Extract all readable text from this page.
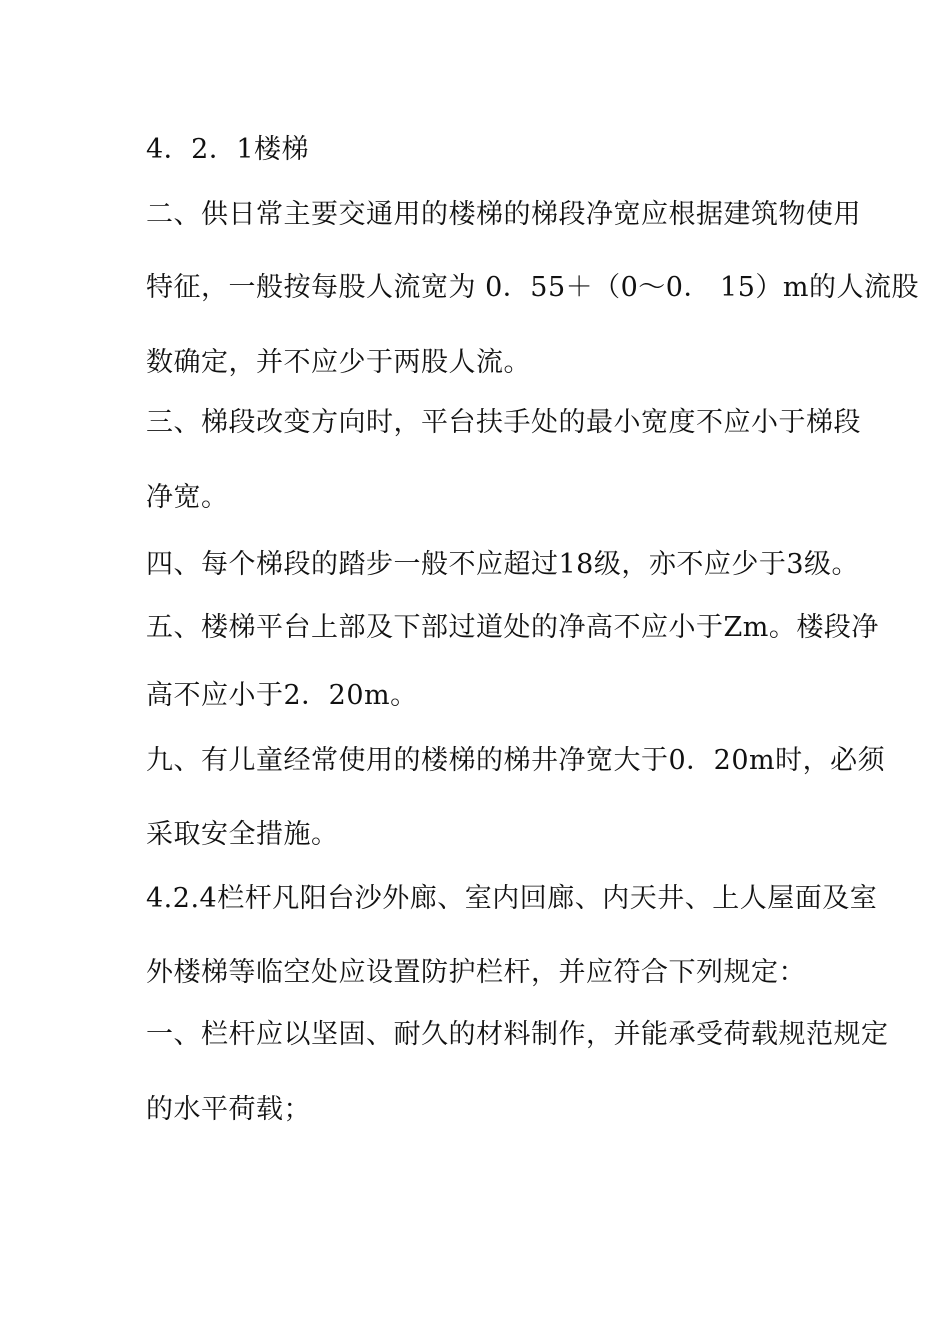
4．2．1楼梯
二、供日常主要交通用的楼梯的梯段净宽应根据建筑物使用
特征，一般按每股人流宽为 0．55＋（0～0． 15）m的人流股
数确定，并不应少于两股人流。
三、梯段改变方向时，平台扶手处的最小宽度不应小于梯段
净宽。
四、每个梯段的踏步一般不应超过18级，亦不应少于3级。
五、楼梯平台上部及下部过道处的净高不应小于Zm。楼段净
高不应小于2．20m。
九、有儿童经常使用的楼梯的梯井净宽大于0．20m时，必须
采取安全措施。
4.2.4栏杆凡阳台沙外廊、室内回廊、内天井、上人屋面及室
外楼梯等临空处应设置防护栏杆，并应符合下列规定：
一、栏杆应以坚固、耐久的材料制作，并能承受荷载规范规定
的水平荷载；
